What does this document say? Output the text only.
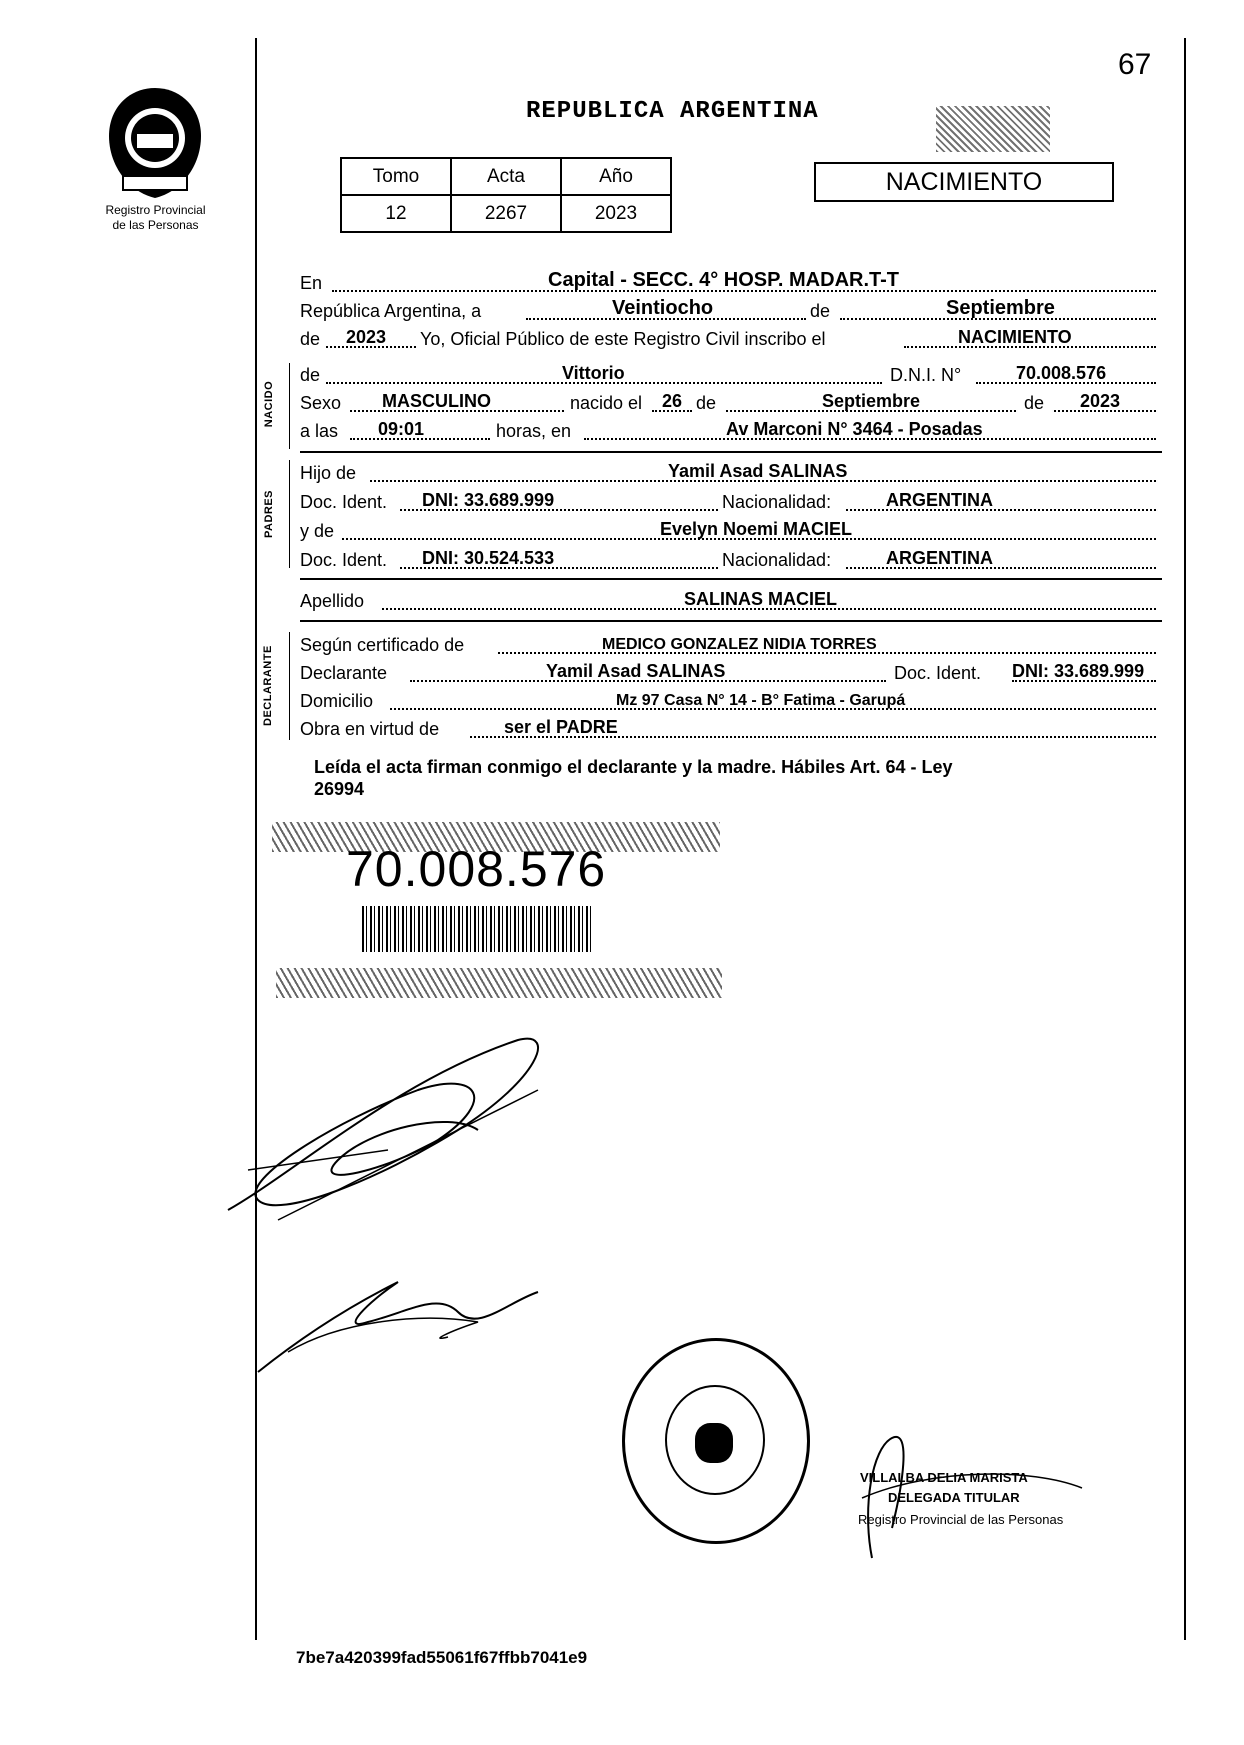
67
Registro Provincial
de las Personas
REPUBLICA ARGENTINA
Tomo	Acta	Año
12	2267	2023
NACIMIENTO
En	Capital - SECC. 4° HOSP. MADAR.T-T
República Argentina, a	Veintiocho	de	Septiembre
de 2023 Yo, Oficial Público de este Registro Civil inscribo el	NACIMIENTO
NACIDO
de	Vittorio	D.N.I. N°	70.008.576
Sexo MASCULINO	nacido el 26 de	Septiembre	de 2023
a las 09:01	horas, en	Av Marconi N° 3464 - Posadas
PADRES
Hijo de	Yamil Asad SALINAS
Doc. Ident. DNI: 33.689.999	Nacionalidad:	ARGENTINA
y de	Evelyn Noemi MACIEL
Doc. Ident. DNI: 30.524.533	Nacionalidad:	ARGENTINA
Apellido	SALINAS MACIEL
DECLARANTE
Según certificado de	MEDICO GONZALEZ NIDIA TORRES
Declarante	Yamil Asad SALINAS	Doc. Ident. DNI: 33.689.999
Domicilio	Mz 97 Casa N° 14 - B° Fatima - Garupá
Obra en virtud de	ser el PADRE
Leída el acta firman conmigo el declarante y la madre. Hábiles Art. 64 - Ley
26994
70.008.576
VILLALBA DELIA MARISTA
DELEGADA TITULAR
Registro Provincial de las Personas
7be7a420399fad55061f67ffbb7041e9
